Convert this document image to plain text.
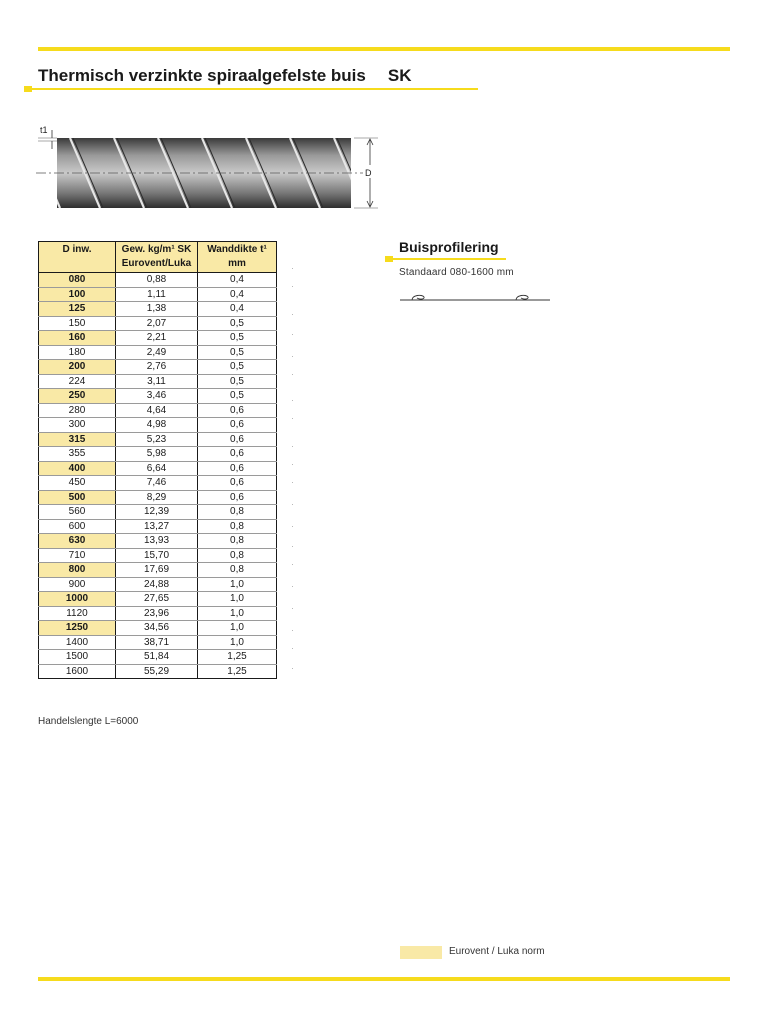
Thermisch verzinkte spiraalgefelste buis SK
t1
D
D inw.	Gew. kg/m¹ SK Eurovent/Luka	Wanddikte t¹ mm
080	0,88	0,4
100	1,11	0,4
125	1,38	0,4
150	2,07	0,5
160	2,21	0,5
180	2,49	0,5
200	2,76	0,5
224	3,11	0,5
250	3,46	0,5
280	4,64	0,6
300	4,98	0,6
315	5,23	0,6
355	5,98	0,6
400	6,64	0,6
450	7,46	0,6
500	8,29	0,6
560	12,39	0,8
600	13,27	0,8
630	13,93	0,8
710	15,70	0,8
800	17,69	0,8
900	24,88	1,0
1000	27,65	1,0
1120	23,96	1,0
1250	34,56	1,0
1400	38,71	1,0
1500	51,84	1,25
1600	55,29	1,25
Buisprofilering
Standaard 080-1600 mm
Handelslengte L=6000
Eurovent / Luka norm
